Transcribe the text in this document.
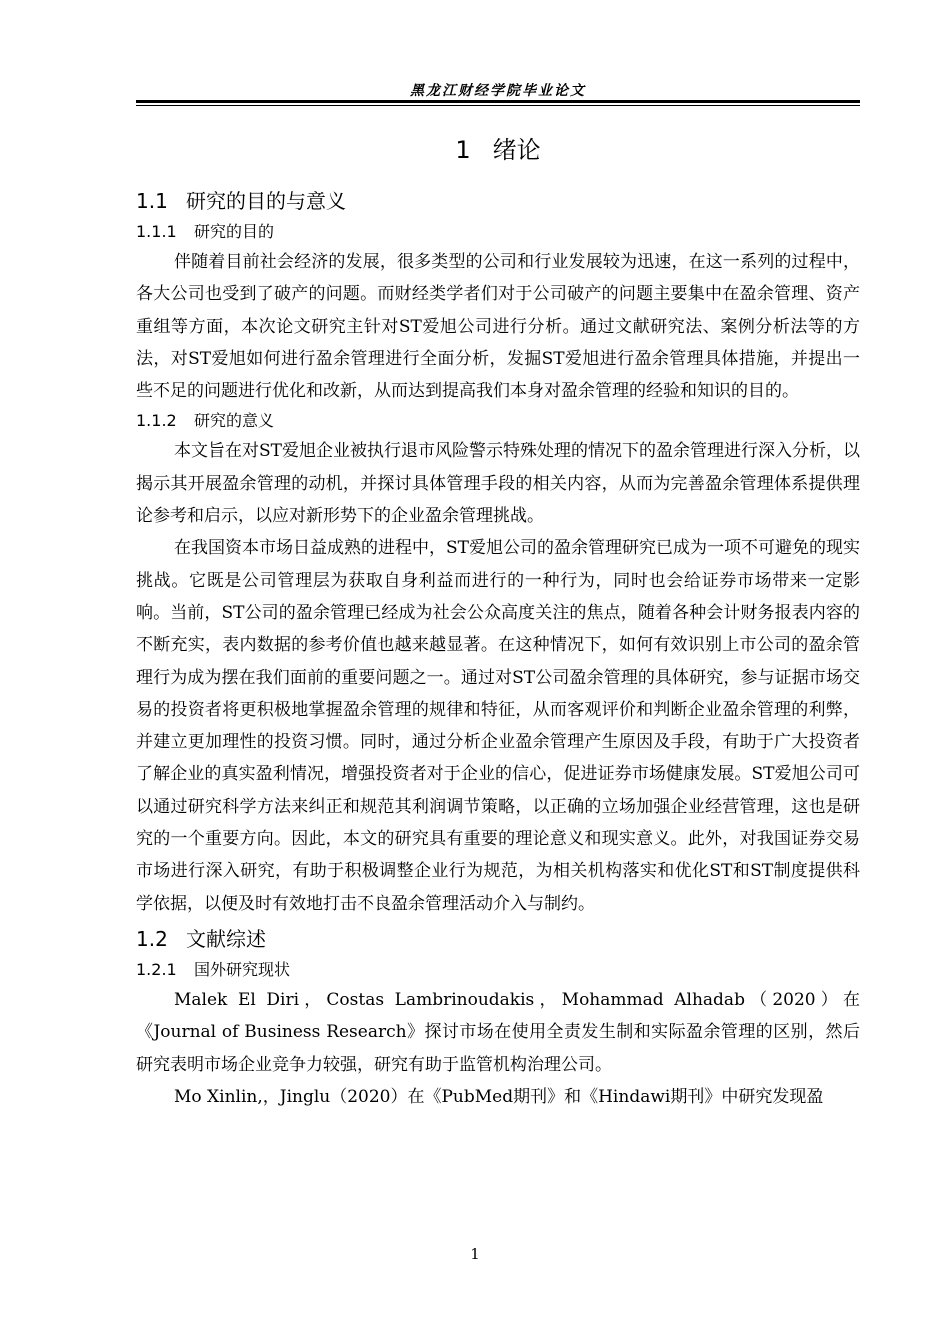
黑龙江财经学院毕业论文
1 绪论
1.1 研究的目的与意义
1.1.1 研究的目的

伴随着目前社会经济的发展，很多类型的公司和行业发展较为迅速，在这一系列的过程中，各大公司也受到了破产的问题。而财经类学者们对于公司破产的问题主要集中在盈余管理、资产重组等方面，本次论文研究主针对ST爱旭公司进行分析。通过文献研究法、案例分析法等的方法，对ST爱旭如何进行盈余管理进行全面分析，发掘ST爱旭进行盈余管理具体措施，并提出一些不足的问题进行优化和改新，从而达到提高我们本身对盈余管理的经验和知识的目的。

1.1.2 研究的意义

本文旨在对ST爱旭企业被执行退市风险警示特殊处理的情况下的盈余管理进行深入分析，以揭示其开展盈余管理的动机，并探讨具体管理手段的相关内容，从而为完善盈余管理体系提供理论参考和启示，以应对新形势下的企业盈余管理挑战。

在我国资本市场日益成熟的进程中，ST爱旭公司的盈余管理研究已成为一项不可避免的现实挑战。它既是公司管理层为获取自身利益而进行的一种行为，同时也会给证券市场带来一定影响。当前，ST公司的盈余管理已经成为社会公众高度关注的焦点，随着各种会计财务报表内容的不断充实，表内数据的参考价值也越来越显著。在这种情况下，如何有效识别上市公司的盈余管理行为成为摆在我们面前的重要问题之一。通过对ST公司盈余管理的具体研究，参与证据市场交易的投资者将更积极地掌握盈余管理的规律和特征，从而客观评价和判断企业盈余管理的利弊，并建立更加理性的投资习惯。同时，通过分析企业盈余管理产生原因及手段，有助于广大投资者了解企业的真实盈利情况，增强投资者对于企业的信心，促进证券市场健康发展。ST爱旭公司可以通过研究科学方法来纠正和规范其利润调节策略，以正确的立场加强企业经营管理，这也是研究的一个重要方向。因此，本文的研究具有重要的理论意义和现实意义。此外，对我国证券交易市场进行深入研究，有助于积极调整企业行为规范，为相关机构落实和优化ST和ST制度提供科学依据，以便及时有效地打击不良盈余管理活动介入与制约。

1.2 文献综述
1.2.1 国外研究现状

Malek El Diri，Costas Lambrinoudakis，Mohammad Alhadab（2020）在《Journal of Business Research》探讨市场在使用全责发生制和实际盈余管理的区别，然后研究表明市场企业竞争力较强，研究有助于监管机构治理公司。

Mo Xinlin,，Jinglu（2020）在《PubMed期刊》和《Hindawi期刊》中研究发现盈

1
